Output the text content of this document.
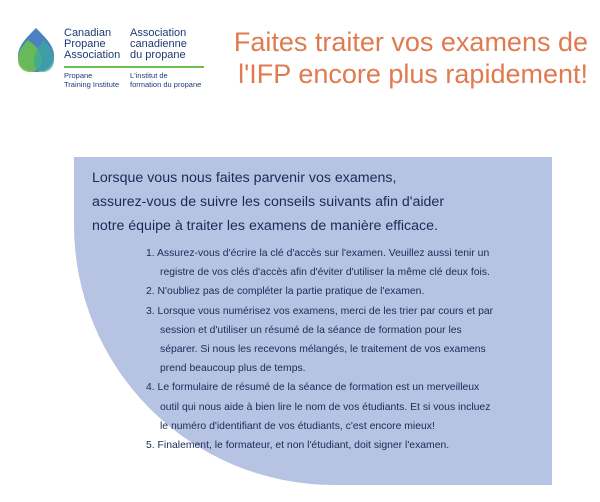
Canadian
Propane
Association
Association
canadienne
du propane
Propane
Training Institute
L'institut de
formation du propane
Faites traiter vos examens de l'IFP encore plus rapidement!
Lorsque vous nous faites parvenir vos examens,
assurez-vous de suivre les conseils suivants afin d'aider
notre équipe à traiter les examens de manière efficace.
1. Assurez-vous d'écrire la clé d'accès sur l'examen. Veuillez aussi tenir un
registre de vos clés d'accès afin d'éviter d'utiliser la même clé deux fois.
2. N'oubliez pas de compléter la partie pratique de l'examen.
3. Lorsque vous numérisez vos examens, merci de les trier par cours et par
session et d'utiliser un résumé de la séance de formation pour les
séparer. Si nous les recevons mélangés, le traitement de vos examens
prend beaucoup plus de temps.
4. Le formulaire de résumé de la séance de formation est un merveilleux
outil qui nous aide à bien lire le nom de vos étudiants. Et si vous incluez
le numéro d'identifiant de vos étudiants, c'est encore mieux!
5. Finalement, le formateur, et non l'étudiant, doit signer l'examen.
